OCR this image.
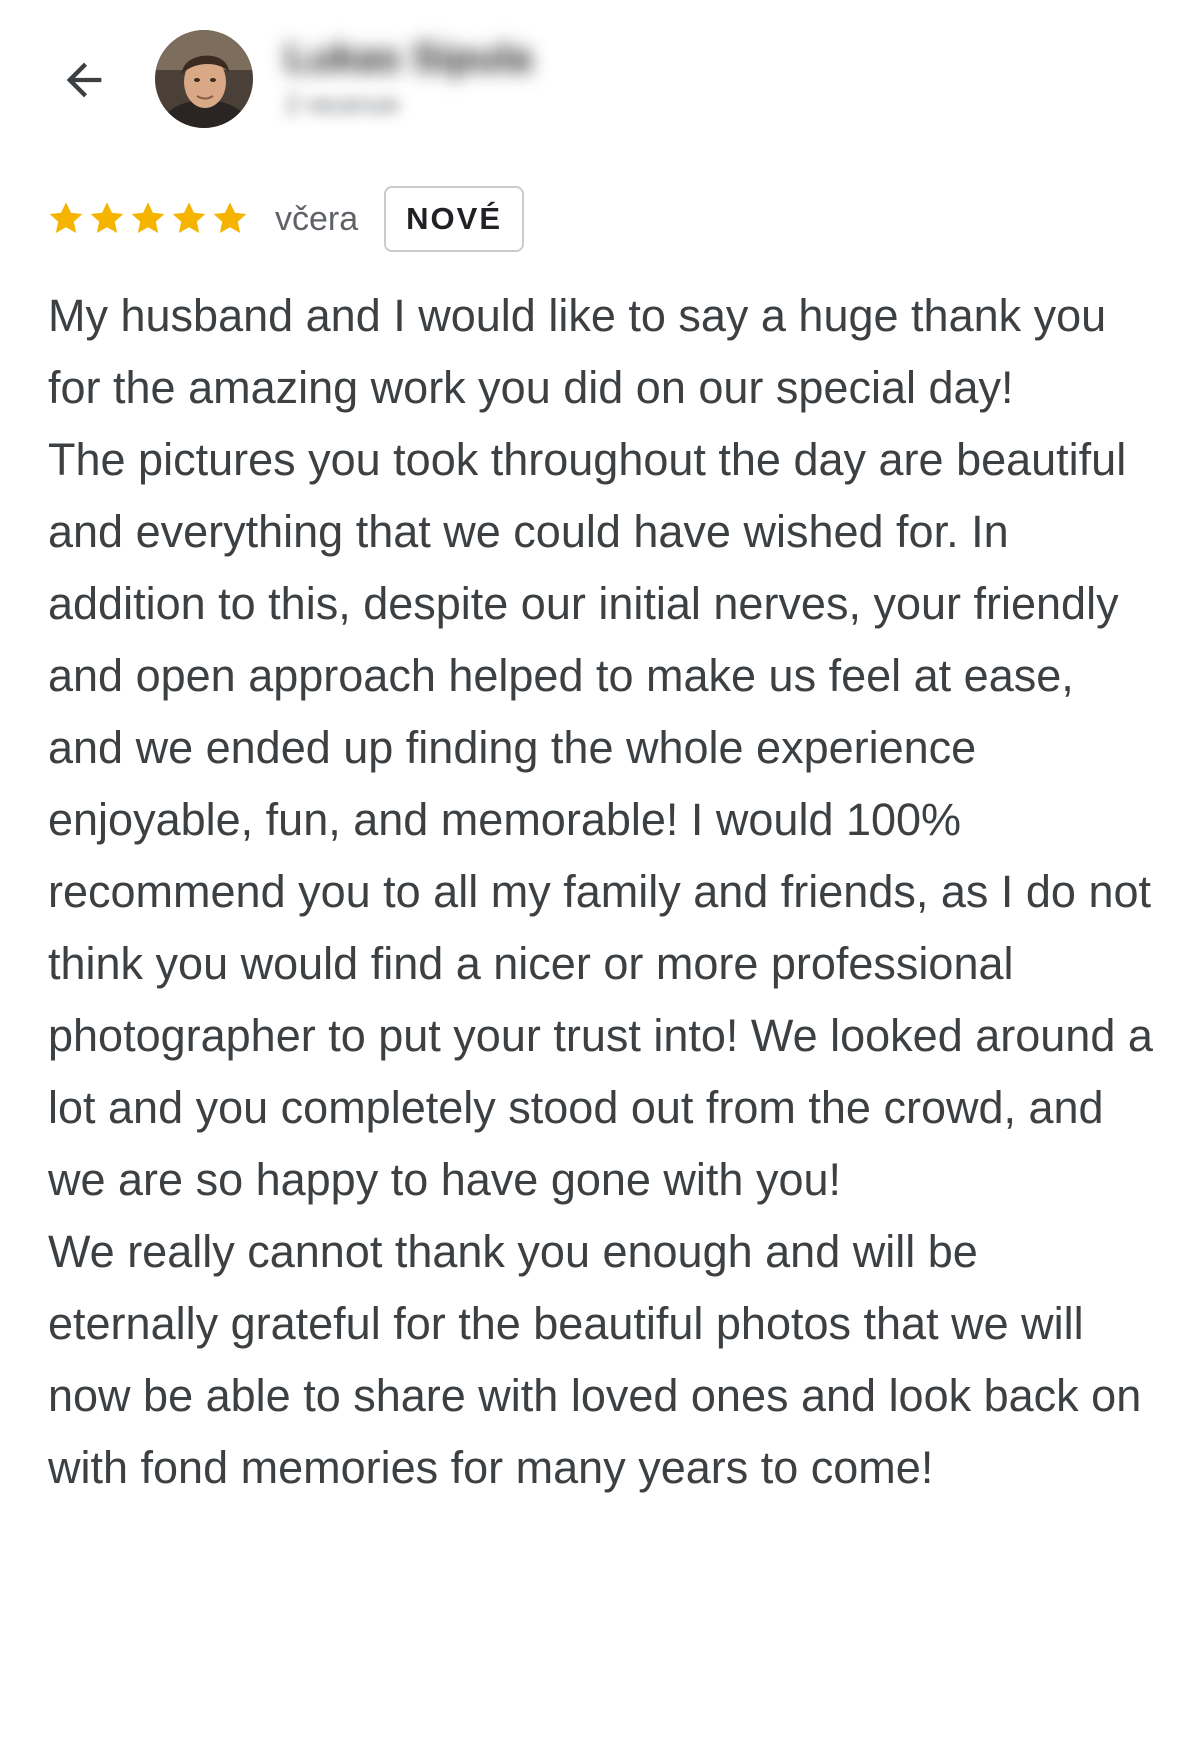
Lukas Sipula
2 recenze
včera	NOVÉ

My husband and I would like to say a huge thank you for the amazing work you did on our special day!

The pictures you took throughout the day are beautiful and everything that we could have wished for. In addition to this, despite our initial nerves, your friendly and open approach helped to make us feel at ease, and we ended up finding the whole experience enjoyable, fun, and memorable! I would 100% recommend you to all my family and friends, as I do not think you would find a nicer or more professional photographer to put your trust into! We looked around a lot and you completely stood out from the crowd, and we are so happy to have gone with you!

We really cannot thank you enough and will be eternally grateful for the beautiful photos that we will now be able to share with loved ones and look back on with fond memories for many years to come!
